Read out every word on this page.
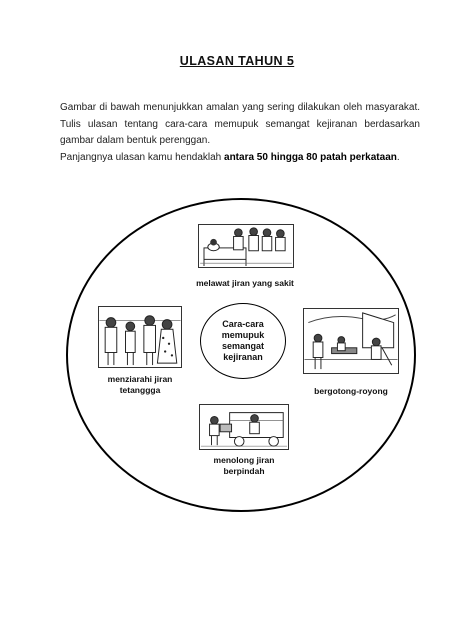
ULASAN TAHUN 5
Gambar di bawah menunjukkan amalan yang sering dilakukan oleh masyarakat. Tulis ulasan tentang cara-cara memupuk semangat kejiranan berdasarkan gambar dalam bentuk perenggan.
Panjangnya ulasan kamu hendaklah antara 50 hingga 80 patah perkataan.
melawat jiran yang sakit
menziarahi jiran
tetanggga	bergotong-royong
menolong jiran
berpindah
Cara-cara
memupuk
semangat
kejiranan
